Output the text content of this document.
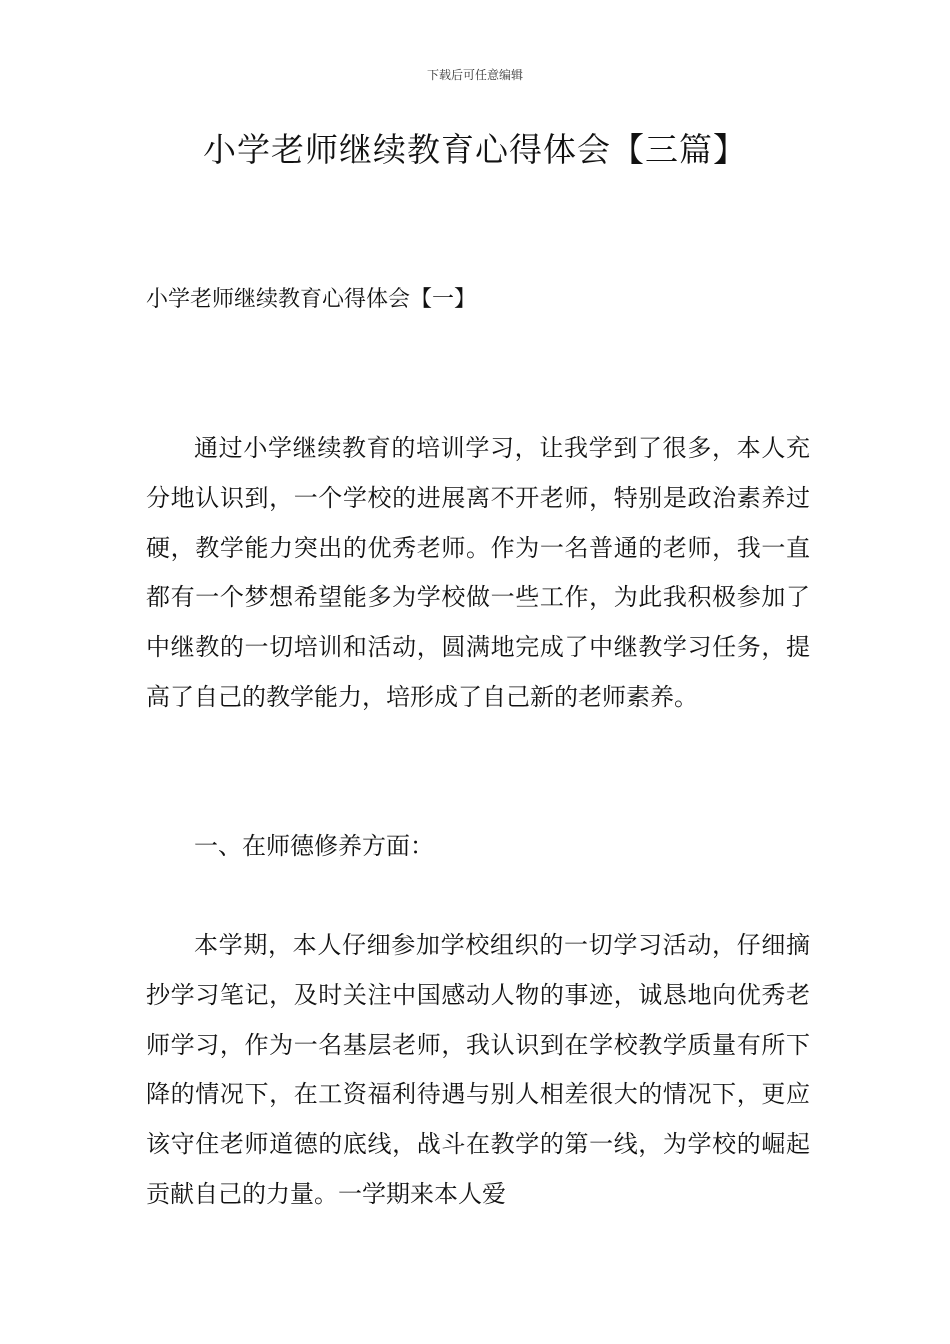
下载后可任意编辑
小学老师继续教育心得体会【三篇】
小学老师继续教育心得体会【一】

通过小学继续教育的培训学习，让我学到了很多，本人充分地认识到，一个学校的进展离不开老师，特别是政治素养过硬，教学能力突出的优秀老师。作为一名普通的老师，我一直都有一个梦想希望能多为学校做一些工作，为此我积极参加了中继教的一切培训和活动，圆满地完成了中继教学习任务，提高了自己的教学能力，培形成了自己新的老师素养。

一、在师德修养方面：

本学期，本人仔细参加学校组织的一切学习活动，仔细摘抄学习笔记，及时关注中国感动人物的事迹，诚恳地向优秀老师学习，作为一名基层老师，我认识到在学校教学质量有所下降的情况下，在工资福利待遇与别人相差很大的情况下，更应该守住老师道德的底线，战斗在教学的第一线，为学校的崛起贡献自己的力量。一学期来本人爱
